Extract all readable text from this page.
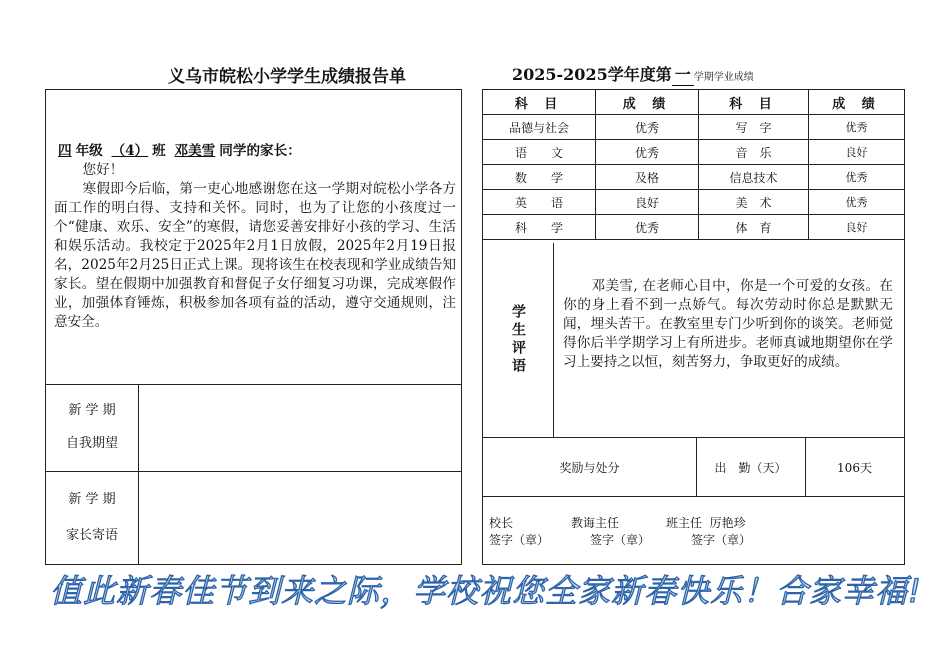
义乌市皖松小学学生成绩报告单	2025-2025学年度第 一 学期学业成绩
四 年级 （4） 班 邓美雪 同学的家长：

您好！

寒假即今后临，第一吏心地感谢您在这一学期对皖松小学各方面工作的明白得、支持和关怀。同时，也为了让您的小孩度过一个“健康、欢乐、安全”的寒假，请您妥善安排好小孩的学习、生活和娱乐活动。我校定于2025年2月1日放假，2025年2月19日报名，2025年2月25日正式上课。现将该生在校表现和学业成绩告知家长。望在假期中加强教育和督促子女仔细复习功课，完成寒假作业，加强体育锤炼，积极参加各项有益的活动，遵守交通规则，注意安全。

新 学 期
自我期望
新 学 期
家长寄语
科 目	成 绩	科 目	成 绩
品德与社会	优秀	写　字	优秀
语　　文	优秀	音　乐	良好
数　　学	及格	信息技术	优秀
英　　语	良好	美　术	优秀
科　　学	优秀	体　育	良好
学生评语
邓美雪, 在老师心目中，你是一个可爱的女孩。在你的身上看不到一点娇气。每次劳动时你总是默默无闻，埋头苦干。在教室里专门少听到你的谈笑。老师觉得你后半学期学习上有所进步。老师真诚地期望你在学习上要持之以恒，刻苦努力，争取更好的成绩。
奖励与处分	出　勤（天）	106天
校长	教诲主任	班主任 厉艳珍
签字（章）	签字（章）	签字（章）
值此新春佳节到来之际，学校祝您全家新春快乐！合家幸福!
